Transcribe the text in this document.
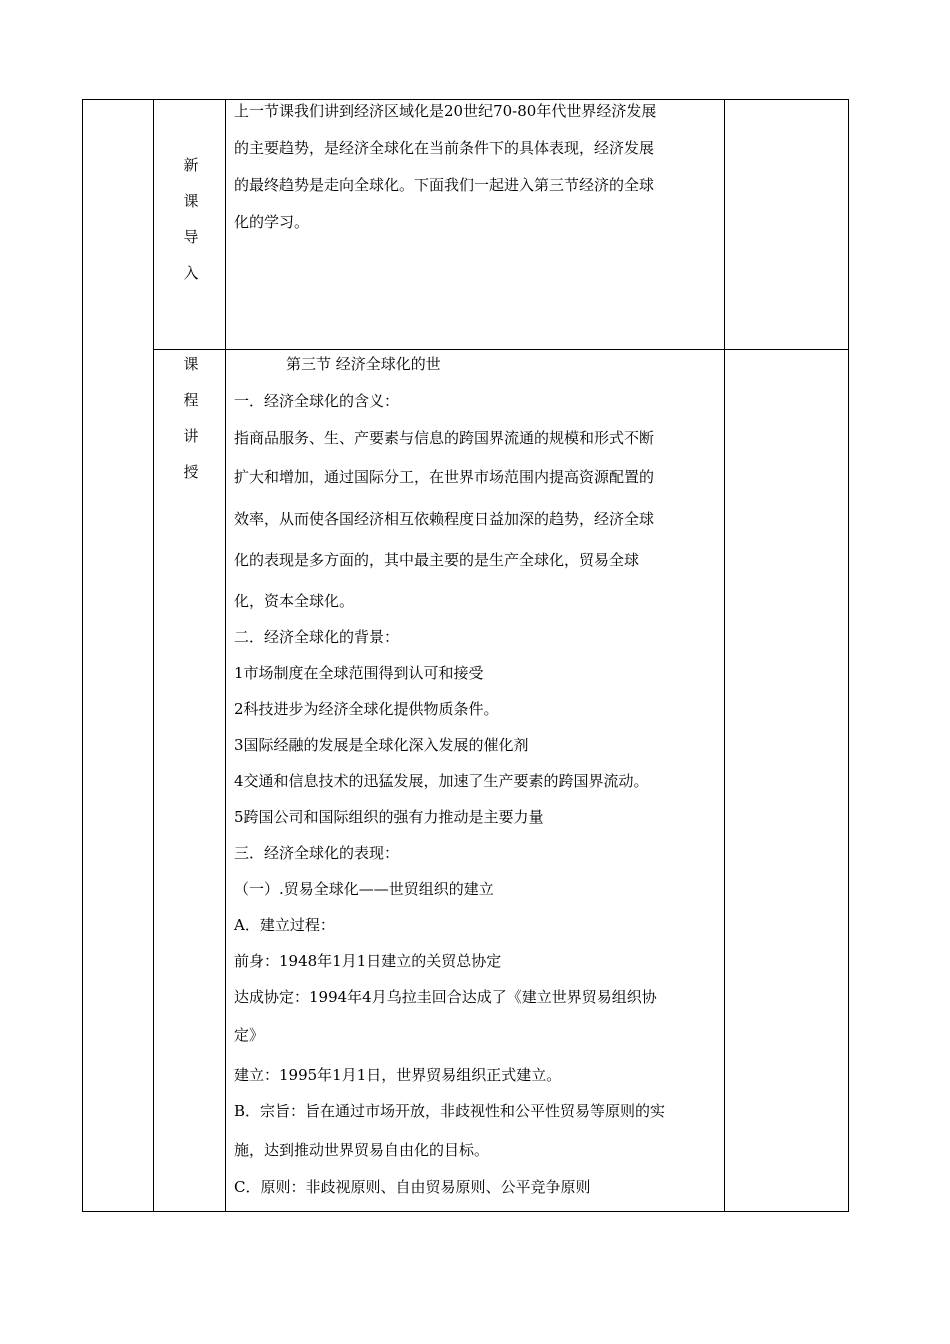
新
课
导
入

上一节课我们讲到经济区域化是20世纪70-80年代世界经济发展

的主要趋势，是经济全球化在当前条件下的具体表现，经济发展

的最终趋势是走向全球化。下面我们一起进入第三节经济的全球

化的学习。

课
程
讲
授
第三节 经济全球化的世
一．经济全球化的含义：
指商品服务、生、产要素与信息的跨国界流通的规模和形式不断
扩大和增加，通过国际分工，在世界市场范围内提高资源配置的
效率，从而使各国经济相互依赖程度日益加深的趋势，经济全球
化的表现是多方面的，其中最主要的是生产全球化，贸易全球
化，资本全球化。
二．经济全球化的背景：
1市场制度在全球范围得到认可和接受
2科技进步为经济全球化提供物质条件。
3国际经融的发展是全球化深入发展的催化剂
4交通和信息技术的迅猛发展，加速了生产要素的跨国界流动。
5跨国公司和国际组织的强有力推动是主要力量
三．经济全球化的表现：
（一）.贸易全球化——世贸组织的建立
A．建立过程：
前身：1948年1月1日建立的关贸总协定
达成协定：1994年4月乌拉圭回合达成了《建立世界贸易组织协
定》
建立：1995年1月1日，世界贸易组织正式建立。
B．宗旨：旨在通过市场开放，非歧视性和公平性贸易等原则的实
施，达到推动世界贸易自由化的目标。
C．原则：非歧视原则、自由贸易原则、公平竞争原则
